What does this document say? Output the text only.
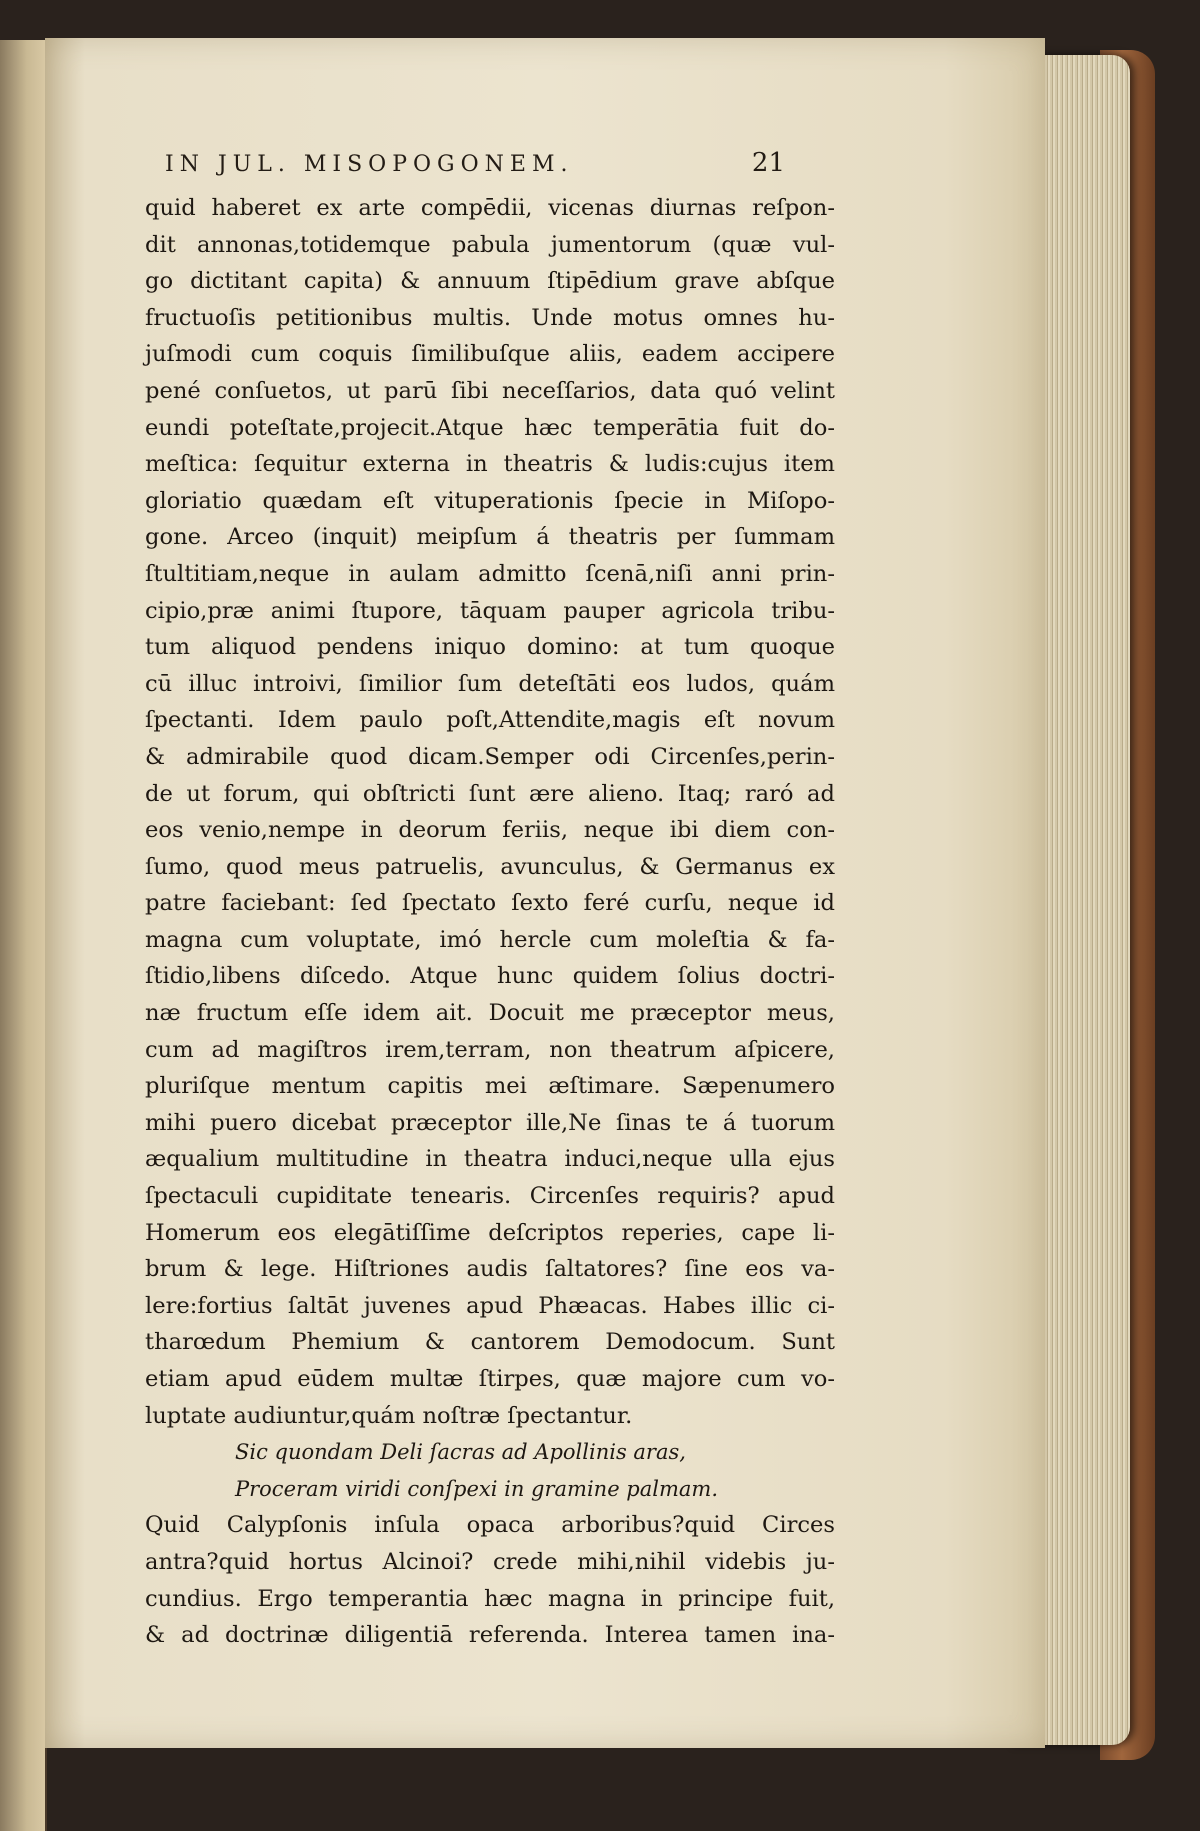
IN JUL. MISOPOGONEM.	21
quid haberet ex arte compēdii, vicenas diurnas reſpon-
dit annonas,totidemque pabula jumentorum (quæ vul-
go dictitant capita) & annuum ſtipēdium grave abſque
fructuoſis petitionibus multis. Unde motus omnes hu-
juſmodi cum coquis ſimilibuſque aliis, eadem accipere
pené conſuetos, ut parū ſibi neceſſarios, data quó velint
eundi poteſtate,projecit.Atque hæc temperātia fuit do-
meſtica: ſequitur externa in theatris & ludis:cujus item
gloriatio quædam eſt vituperationis ſpecie in Miſopo-
gone. Arceo (inquit) meipſum á theatris per ſummam
ſtultitiam,neque in aulam admitto ſcenā,niſi anni prin-
cipio,præ animi ſtupore, tāquam pauper agricola tribu-
tum aliquod pendens iniquo domino: at tum quoque
cū illuc introivi, ſimilior ſum deteſtāti eos ludos, quám
ſpectanti. Idem paulo poſt,Attendite,magis eſt novum
& admirabile quod dicam.Semper odi Circenſes,perin-
de ut forum, qui obſtricti ſunt ære alieno. Itaq; raró ad
eos venio,nempe in deorum feriis, neque ibi diem con-
ſumo, quod meus patruelis, avunculus, & Germanus ex
patre faciebant: ſed ſpectato ſexto feré curſu, neque id
magna cum voluptate, imó hercle cum moleſtia & fa-
ſtidio,libens diſcedo. Atque hunc quidem ſolius doctri-
næ fructum eſſe idem ait. Docuit me præceptor meus,
cum ad magiſtros irem,terram, non theatrum aſpicere,
pluriſque mentum capitis mei æſtimare. Sæpenumero
mihi puero dicebat præceptor ille,Ne ſinas te á tuorum
æqualium multitudine in theatra induci,neque ulla ejus
ſpectaculi cupiditate tenearis. Circenſes requiris? apud
Homerum eos elegātiſſime deſcriptos reperies, cape li-
brum & lege. Hiſtriones audis ſaltatores? ſine eos va-
lere:fortius ſaltāt juvenes apud Phæacas. Habes illic ci-
tharœdum Phemium & cantorem Demodocum. Sunt
etiam apud eūdem multæ ſtirpes, quæ majore cum vo-
luptate audiuntur,quám noſtræ ſpectantur.
Sic quondam Deli ſacras ad Apollinis aras,
Proceram viridi conſpexi in gramine palmam.
Quid Calypſonis inſula opaca arboribus?quid Circes
antra?quid hortus Alcinoi? crede mihi,nihil videbis ju-
cundius. Ergo temperantia hæc magna in principe fuit,
& ad doctrinæ diligentiā referenda. Interea tamen ina-
